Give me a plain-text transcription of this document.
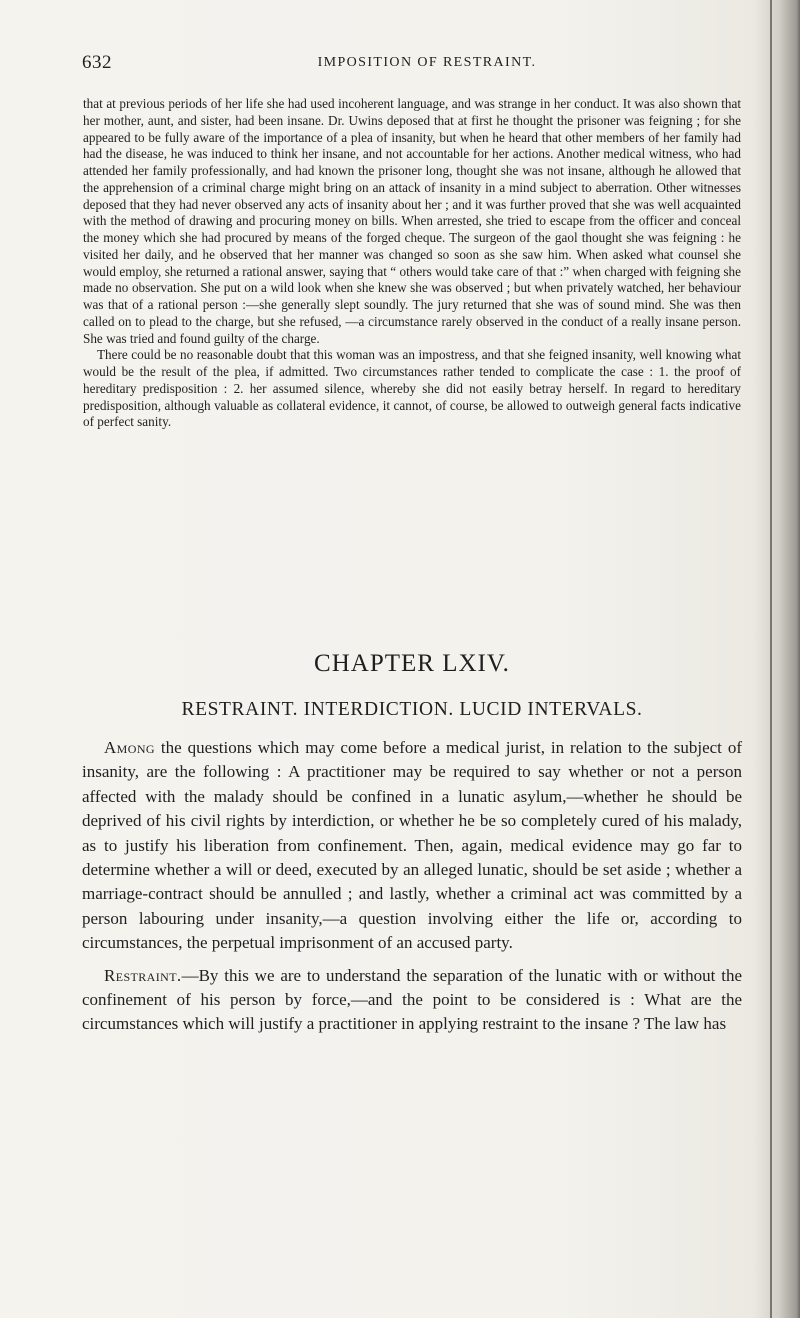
632	IMPOSITION OF RESTRAINT.

that at previous periods of her life she had used incoherent language, and was strange in her conduct. It was also shown that her mother, aunt, and sister, had been insane. Dr. Uwins deposed that at first he thought the prisoner was feigning ; for she appeared to be fully aware of the importance of a plea of insanity, but when he heard that other members of her family had had the disease, he was induced to think her insane, and not accountable for her actions. Another medical witness, who had attended her family professionally, and had known the prisoner long, thought she was not insane, although he allowed that the apprehension of a criminal charge might bring on an attack of insanity in a mind subject to aberration. Other witnesses deposed that they had never observed any acts of insanity about her ; and it was further proved that she was well acquainted with the method of drawing and procuring money on bills. When arrested, she tried to escape from the officer and conceal the money which she had procured by means of the forged cheque. The surgeon of the gaol thought she was feigning : he visited her daily, and he observed that her manner was changed so soon as she saw him. When asked what counsel she would employ, she returned a rational answer, saying that “ others would take care of that :” when charged with feigning she made no observation. She put on a wild look when she knew she was observed ; but when privately watched, her behaviour was that of a rational person :—she generally slept soundly. The jury returned that she was of sound mind. She was then called on to plead to the charge, but she refused, —a circumstance rarely observed in the conduct of a really insane person. She was tried and found guilty of the charge.

There could be no reasonable doubt that this woman was an impostress, and that she feigned insanity, well knowing what would be the result of the plea, if admitted. Two circumstances rather tended to complicate the case : 1. the proof of hereditary predisposition : 2. her assumed silence, whereby she did not easily betray herself. In regard to hereditary predisposition, although valuable as collateral evidence, it cannot, of course, be allowed to outweigh general facts indicative of perfect sanity.

CHAPTER LXIV.
RESTRAINT. INTERDICTION. LUCID INTERVALS.

Among the questions which may come before a medical jurist, in relation to the subject of insanity, are the following : A practitioner may be required to say whether or not a person affected with the malady should be confined in a lunatic asylum,—whether he should be deprived of his civil rights by interdiction, or whether he be so completely cured of his malady, as to justify his liberation from confinement. Then, again, medical evidence may go far to determine whether a will or deed, executed by an alleged lunatic, should be set aside ; whether a marriage-contract should be annulled ; and lastly, whether a criminal act was committed by a person labouring under insanity,—a question involving either the life or, according to circumstances, the perpetual imprisonment of an accused party.

Restraint.—By this we are to understand the separation of the lunatic with or without the confinement of his person by force,—and the point to be considered is : What are the circumstances which will justify a practitioner in applying restraint to the insane ? The law has
